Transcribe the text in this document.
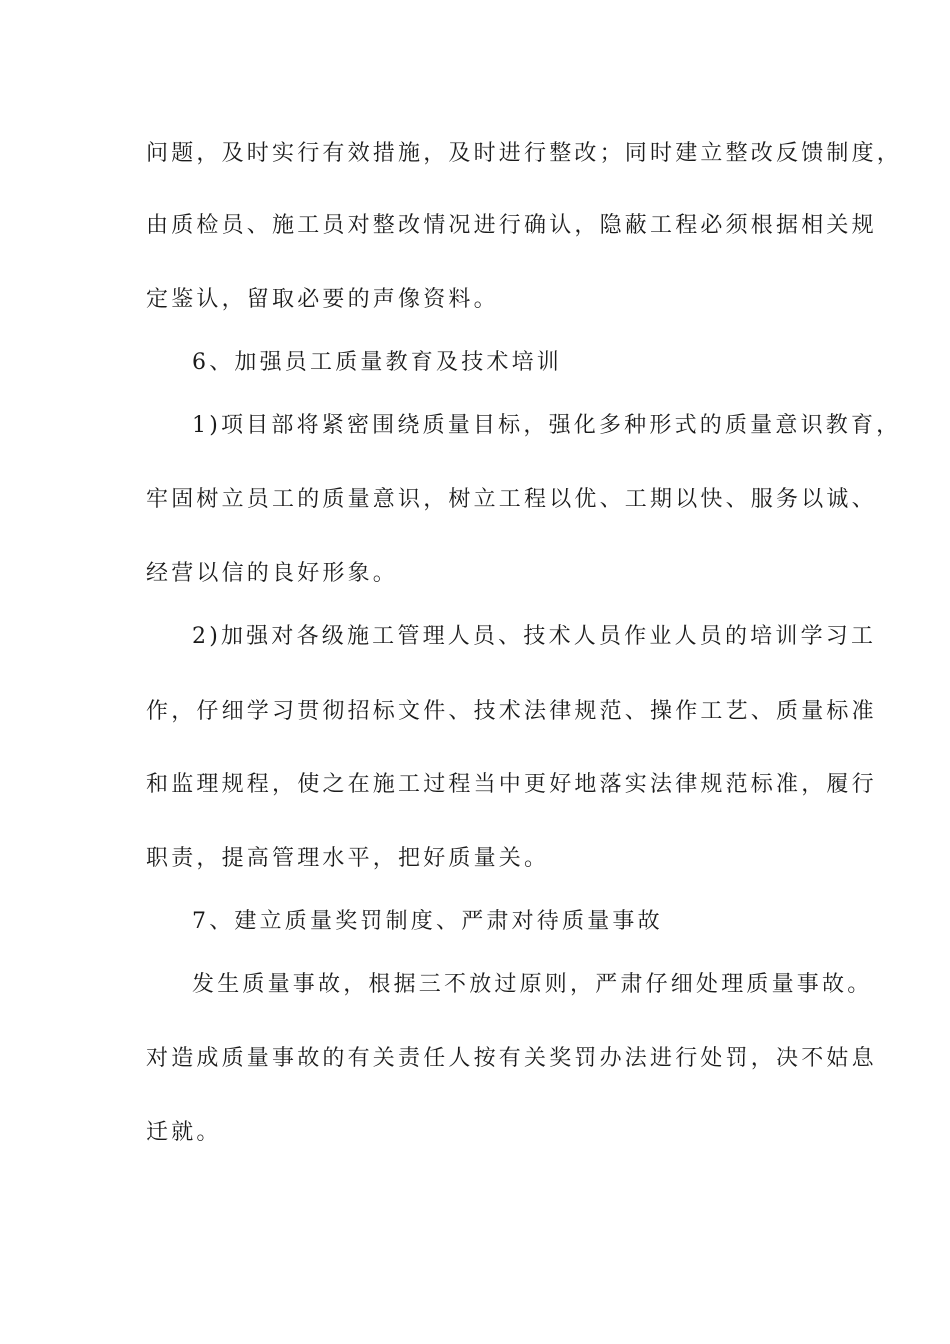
问题，及时实行有效措施，及时进行整改；同时建立整改反馈制度，
由质检员、施工员对整改情况进行确认，隐蔽工程必须根据相关规
定鉴认，留取必要的声像资料。
6、加强员工质量教育及技术培训
1)项目部将紧密围绕质量目标，强化多种形式的质量意识教育，
牢固树立员工的质量意识，树立工程以优、工期以快、服务以诚、
经营以信的良好形象。
2)加强对各级施工管理人员、技术人员作业人员的培训学习工
作，仔细学习贯彻招标文件、技术法律规范、操作工艺、质量标准
和监理规程，使之在施工过程当中更好地落实法律规范标准，履行
职责，提高管理水平，把好质量关。
7、建立质量奖罚制度、严肃对待质量事故
发生质量事故，根据三不放过原则，严肃仔细处理质量事故。
对造成质量事故的有关责任人按有关奖罚办法进行处罚，决不姑息
迁就。
